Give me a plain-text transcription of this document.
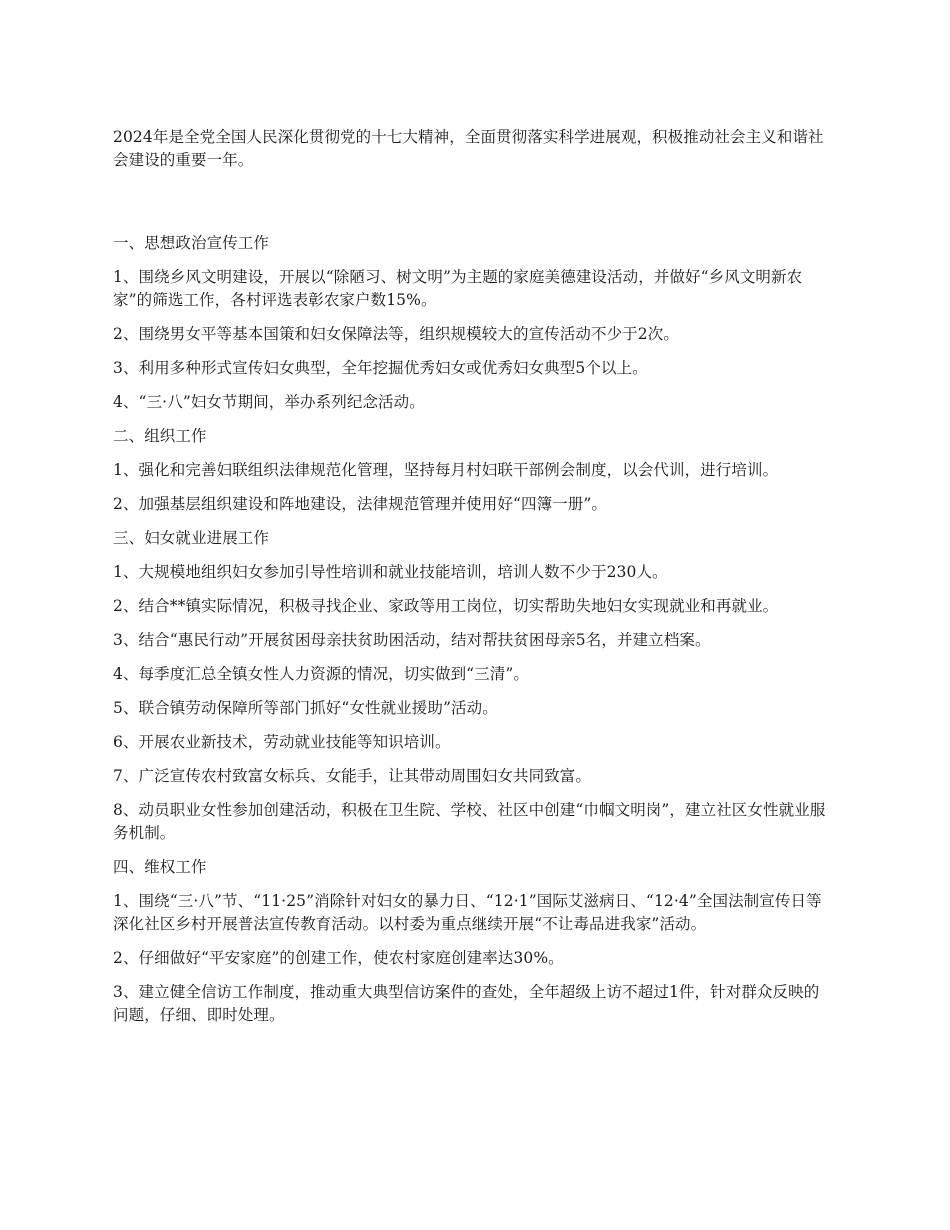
2024年是全党全国人民深化贯彻党的十七大精神，全面贯彻落实科学进展观，积极推动社会主义和谐社会建设的重要一年。

一、思想政治宣传工作

1、围绕乡风文明建设，开展以“除陋习、树文明”为主题的家庭美德建设活动，并做好“乡风文明新农家”的筛选工作，各村评选表彰农家户数15%。

2、围绕男女平等基本国策和妇女保障法等，组织规模较大的宣传活动不少于2次。

3、利用多种形式宣传妇女典型，全年挖掘优秀妇女或优秀妇女典型5个以上。

4、“三·八”妇女节期间，举办系列纪念活动。

二、组织工作

1、强化和完善妇联组织法律规范化管理，坚持每月村妇联干部例会制度，以会代训，进行培训。

2、加强基层组织建设和阵地建设，法律规范管理并使用好“四簿一册”。

三、妇女就业进展工作

1、大规模地组织妇女参加引导性培训和就业技能培训，培训人数不少于230人。

2、结合**镇实际情况，积极寻找企业、家政等用工岗位，切实帮助失地妇女实现就业和再就业。

3、结合“惠民行动”开展贫困母亲扶贫助困活动，结对帮扶贫困母亲5名，并建立档案。

4、每季度汇总全镇女性人力资源的情况，切实做到“三清”。

5、联合镇劳动保障所等部门抓好“女性就业援助”活动。

6、开展农业新技术，劳动就业技能等知识培训。

7、广泛宣传农村致富女标兵、女能手，让其带动周围妇女共同致富。

8、动员职业女性参加创建活动，积极在卫生院、学校、社区中创建“巾帼文明岗”，建立社区女性就业服务机制。

四、维权工作

1、围绕“三·八”节、“11·25”消除针对妇女的暴力日、“12·1”国际艾滋病日、“12·4”全国法制宣传日等深化社区乡村开展普法宣传教育活动。以村委为重点继续开展“不让毒品进我家”活动。

2、仔细做好“平安家庭”的创建工作，使农村家庭创建率达30%。

3、建立健全信访工作制度，推动重大典型信访案件的查处，全年超级上访不超过1件，针对群众反映的问题，仔细、即时处理。
